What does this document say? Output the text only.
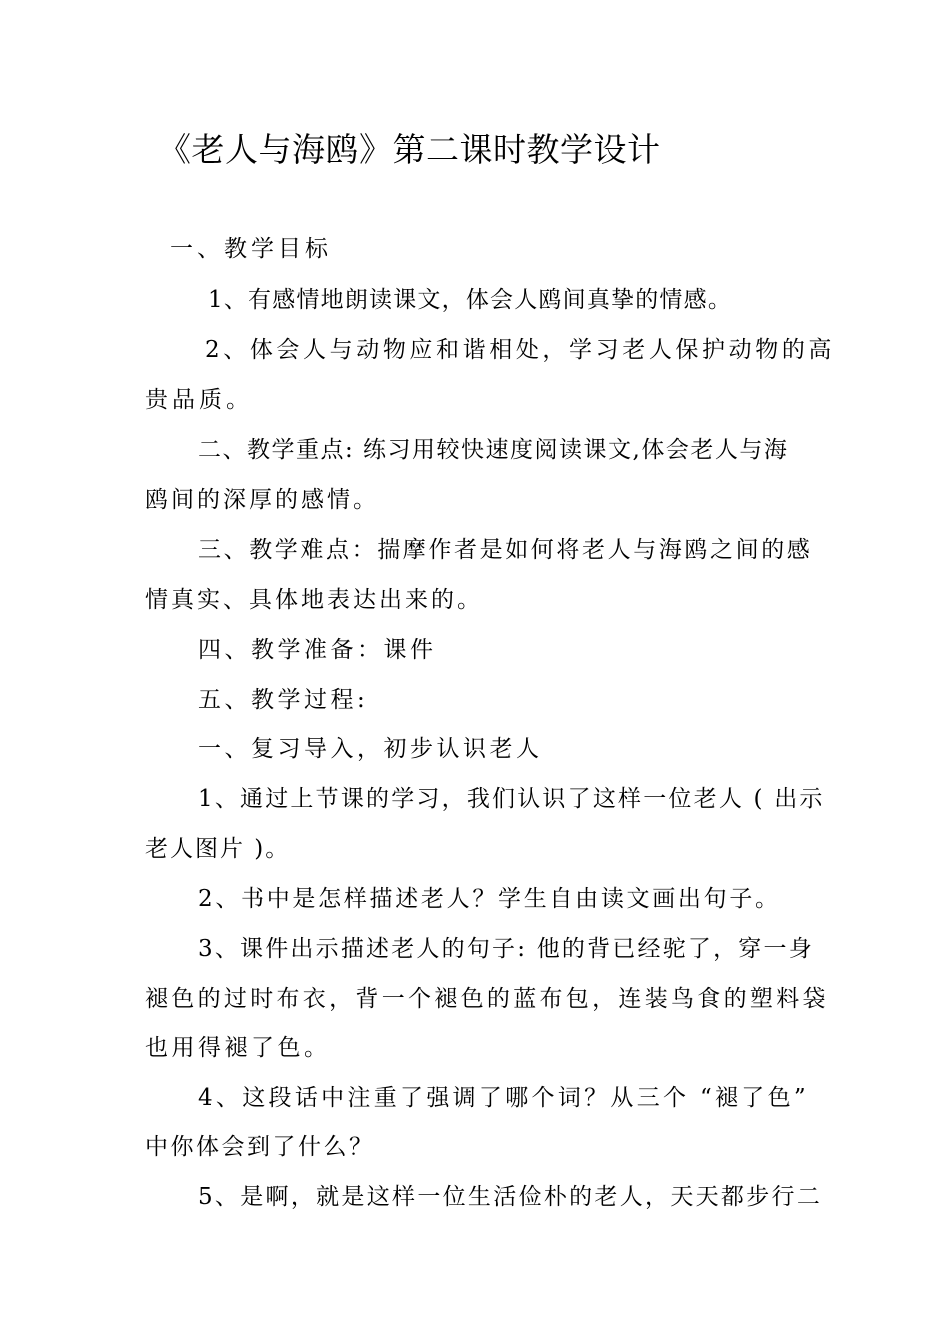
《老人与海鸥》第二课时教学设计
一、教学目标
1、有感情地朗读课文，体会人鸥间真挚的情感。
2、体会人与动物应和谐相处，学习老人保护动物的高
贵品质。
二、教学重点: 练习用较快速度阅读课文,体会老人与海
鸥间的深厚的感情。
三、教学难点：揣摩作者是如何将老人与海鸥之间的感
情真实、具体地表达出来的。
四、教学准备：课件
五、教学过程:
一、复习导入，初步认识老人
1、通过上节课的学习，我们认识了这样一位老人 ( 出示
老人图片 )。
2、书中是怎样描述老人？学生自由读文画出句子。
3、课件出示描述老人的句子: 他的背已经驼了，穿一身
褪色的过时布衣，背一个褪色的蓝布包，连装鸟食的塑料袋
也用得褪了色。
4、这段话中注重了强调了哪个词？从三个 “褪了色”
中你体会到了什么？
5、是啊，就是这样一位生活俭朴的老人，天天都步行二
